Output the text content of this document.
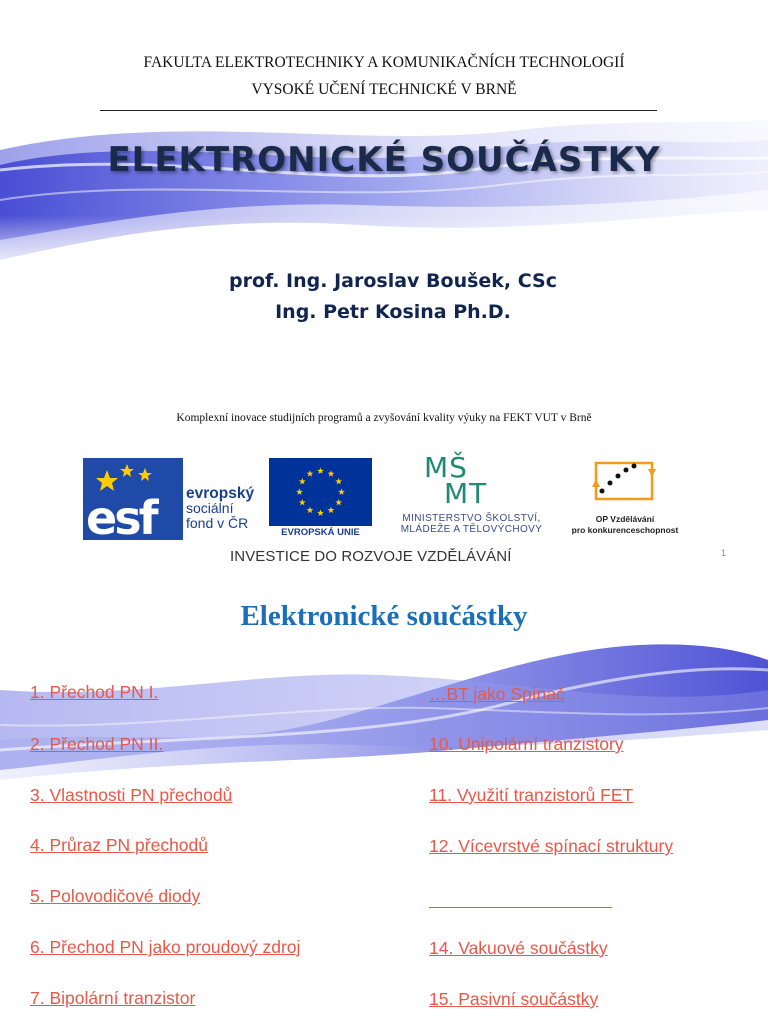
FAKULTA ELEKTROTECHNIKY A KOMUNIKAČNÍCH TECHNOLOGIÍ
VYSOKÉ UČENÍ TECHNICKÉ V BRNĚ
ELEKTRONICKÉ SOUČÁSTKY
prof. Ing. Jaroslav Boušek, CSc
Ing. Petr Kosina Ph.D.
Komplexní inovace studijních programů a zvyšování kvality výuky na FEKT VUT v Brně
esf evropský
sociální
fond v ČR
EVROPSKÁ UNIE
MŠ
MT
MINISTERSTVO ŠKOLSTVÍ,
MLÁDEŽE A TĚLOVÝCHOVY
OP Vzdělávání
pro konkurenceschopnost
INVESTICE DO ROZVOJE VZDĚLÁVÁNÍ	1
Elektronické součástky
1. Přechod PN I.
2. Přechod PN II.
3. Vlastnosti PN přechodů
4. Průraz PN přechodů
5. Polovodičové diody
6. Přechod PN jako proudový zdroj
7. Bipolární tranzistor
…BT jako Spínač
10. Unipolární tranzistory
11. Využití tranzistorů FET
12. Vícevrstvé spínací struktury
14. Vakuové součástky
15. Pasivní součástky
